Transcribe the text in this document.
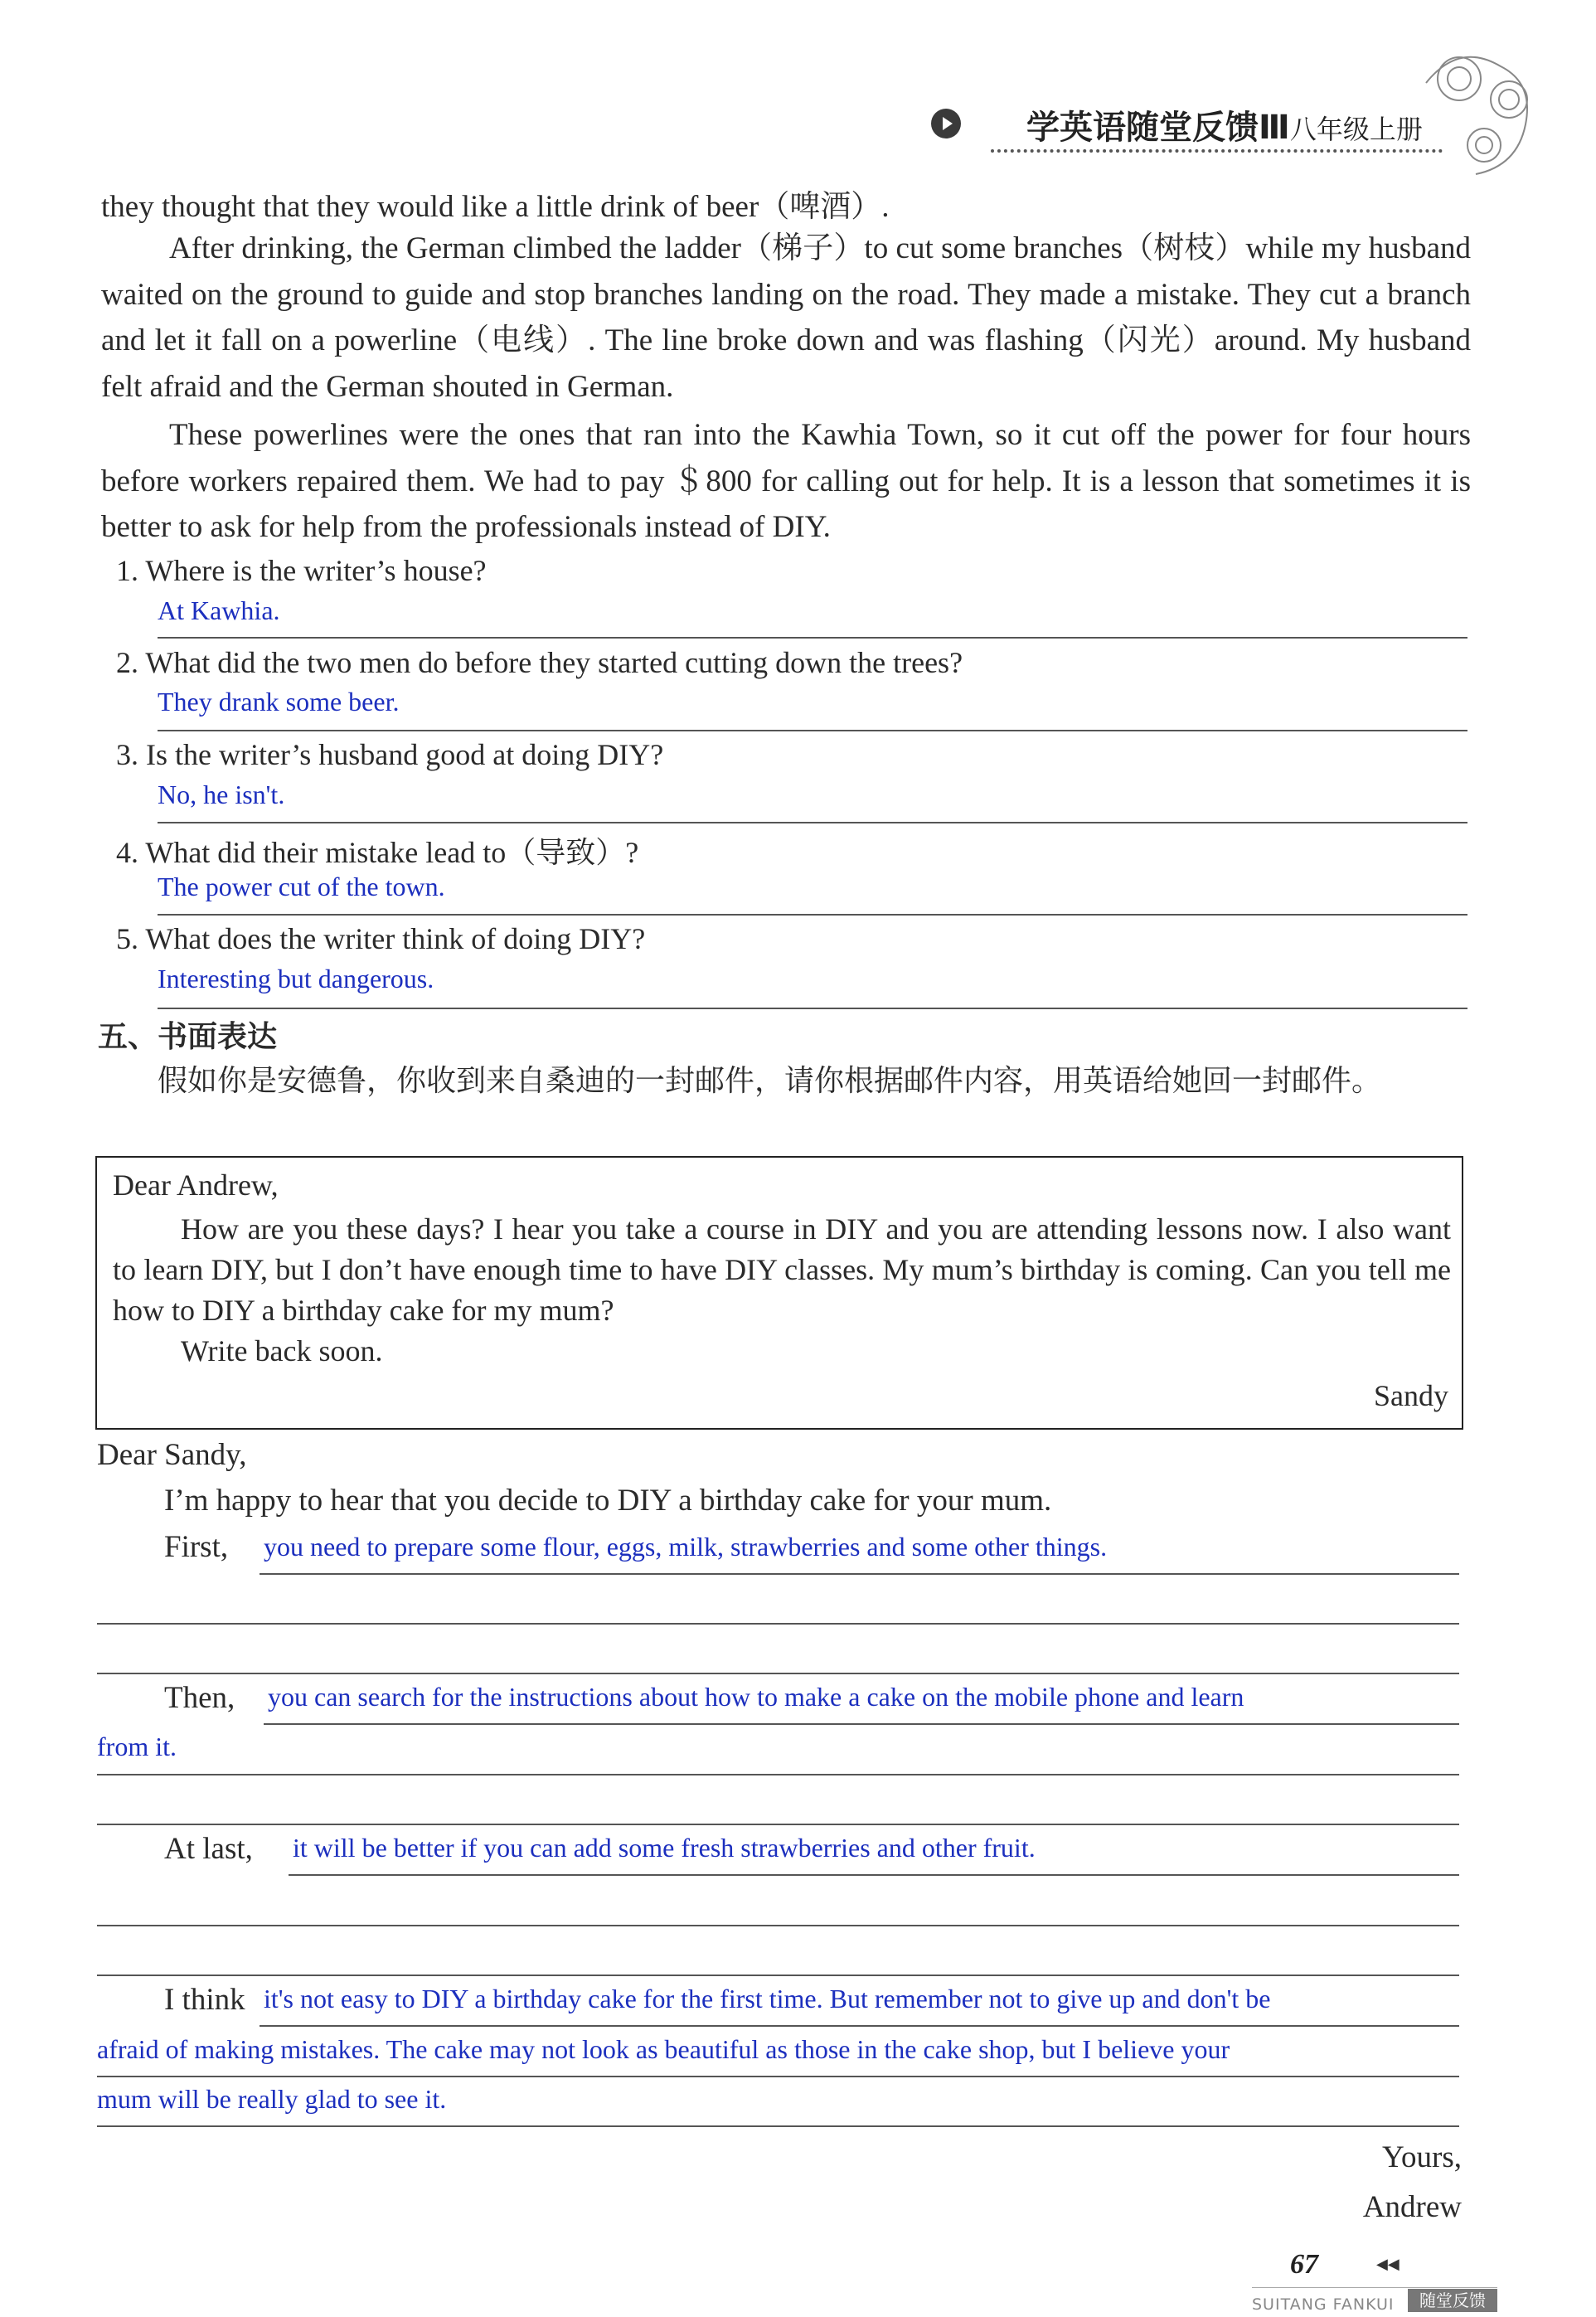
学英语随堂反馈Ⅲ八年级上册
they thought that they would like a little drink of beer（啤酒）.
After drinking, the German climbed the ladder（梯子）to cut some branches（树枝）while my husband waited on the ground to guide and stop branches landing on the road. They made a mistake. They cut a branch and let it fall on a powerline（电线）. The line broke down and was flashing（闪光）around. My husband felt afraid and the German shouted in German.
These powerlines were the ones that ran into the Kawhia Town, so it cut off the power for four hours before workers repaired them. We had to pay ＄800 for calling out for help. It is a lesson that sometimes it is better to ask for help from the professionals instead of DIY.
1. Where is the writer’s house?
At Kawhia.
2. What did the two men do before they started cutting down the trees?
They drank some beer.
3. Is the writer’s husband good at doing DIY?
No, he isn't.
4. What did their mistake lead to（导致）?
The power cut of the town.
5. What does the writer think of doing DIY?
Interesting but dangerous.
五、书面表达
假如你是安德鲁，你收到来自桑迪的一封邮件，请你根据邮件内容，用英语给她回一封邮件。
Dear Andrew,
How are you these days? I hear you take a course in DIY and you are attending lessons now. I also want to learn DIY, but I don’t have enough time to have DIY classes. My mum’s birthday is coming. Can you tell me how to DIY a birthday cake for my mum?
Write back soon.
Sandy
Dear Sandy,
I’m happy to hear that you decide to DIY a birthday cake for your mum.
First, you need to prepare some flour, eggs, milk, strawberries and some other things.
Then, you can search for the instructions about how to make a cake on the mobile phone and learn
from it.
At last, it will be better if you can add some fresh strawberries and other fruit.
I think it's not easy to DIY a birthday cake for the first time. But remember not to give up and don't be
afraid of making mistakes. The cake may not look as beautiful as those in the cake shop, but I believe your
mum will be really glad to see it.
Yours,
Andrew
67	◀◀
随堂反馈
SUITANG FANKUI
